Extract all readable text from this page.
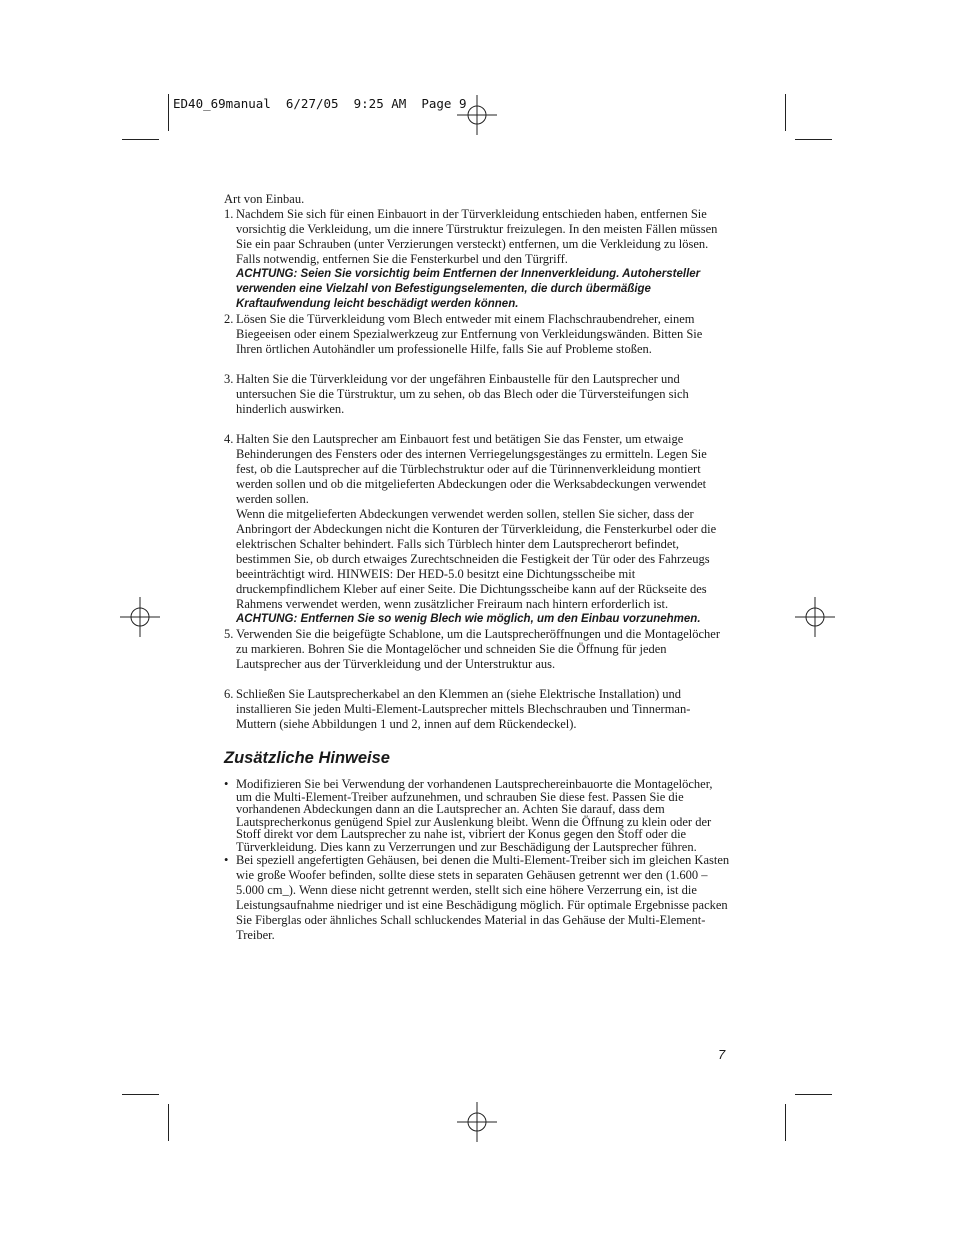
ED40_69manual  6/27/05  9:25 AM  Page 9

Art von Einbau.

1. Nachdem Sie sich für einen Einbauort in der Türverkleidung entschieden haben, entfernen Sie vorsichtig die Verkleidung, um die innere Türstruktur freizulegen. In den meisten Fällen müssen Sie ein paar Schrauben (unter Verzierungen versteckt) entfernen, um die Verkleidung zu lösen. Falls notwendig, entfernen Sie die Fensterkurbel und den Türgriff.

ACHTUNG: Seien Sie vorsichtig beim Entfernen der Innenverkleidung. Autohersteller verwenden eine Vielzahl von Befestigungselementen, die durch übermäßige Kraftaufwendung leicht beschädigt werden können.

2. Lösen Sie die Türverkleidung vom Blech entweder mit einem Flachschraubendreher, einem Biegeeisen oder einem Spezialwerkzeug zur Entfernung von Verkleidungswänden. Bitten Sie Ihren örtlichen Autohändler um professionelle Hilfe, falls Sie auf Probleme stoßen.

3. Halten Sie die Türverkleidung vor der ungefähren Einbaustelle für den Lautsprecher und untersuchen Sie die Türstruktur, um zu sehen, ob das Blech oder die Türversteifungen sich hinderlich auswirken.

4. Halten Sie den Lautsprecher am Einbauort fest und betätigen Sie das Fenster, um etwaige Behinderungen des Fensters oder des internen Verriegelungsgestänges zu ermitteln. Legen Sie fest, ob die Lautsprecher auf die Türblechstruktur oder auf die Türinnenverkleidung montiert werden sollen und ob die mitgelieferten Abdeckungen oder die Werksabdeckungen verwendet werden sollen.

Wenn die mitgelieferten Abdeckungen verwendet werden sollen, stellen Sie sicher, dass der Anbringort der Abdeckungen nicht die Konturen der Türverkleidung, die Fensterkurbel oder die elektrischen Schalter behindert. Falls sich Türblech hinter dem Lautsprecherort befindet, bestimmen Sie, ob durch etwaiges Zurechtschneiden die Festigkeit der Tür oder des Fahrzeugs beeinträchtigt wird. HINWEIS: Der HED-5.0 besitzt eine Dichtungsscheibe mit druckempfindlichem Kleber auf einer Seite. Die Dichtungsscheibe kann auf der Rückseite des Rahmens verwendet werden, wenn zusätzlicher Freiraum nach hintern erforderlich ist.

ACHTUNG: Entfernen Sie so wenig Blech wie möglich, um den Einbau vorzunehmen.

5. Verwenden Sie die beigefügte Schablone, um die Lautsprecheröffnungen und die Montagelöcher zu markieren. Bohren Sie die Montagelöcher und schneiden Sie die Öffnung für jeden Lautsprecher aus der Türverkleidung und der Unterstruktur aus.

6. Schließen Sie Lautsprecherkabel an den Klemmen an (siehe Elektrische Installation) und installieren Sie jeden Multi-Element-Lautsprecher mittels Blechschrauben und Tinnerman-Muttern (siehe Abbildungen 1 und 2, innen auf dem Rückendeckel).

Zusätzliche Hinweise
• Modifizieren Sie bei Verwendung der vorhandenen Lautsprechereinbauorte die Montagelöcher, um die Multi-Element-Treiber aufzunehmen, und schrauben Sie diese fest. Passen Sie die vorhandenen Abdeckungen dann an die Lautsprecher an. Achten Sie darauf, dass dem Lautsprecherkonus genügend Spiel zur Auslenkung bleibt. Wenn die Öffnung zu klein oder der Stoff direkt vor dem Lautsprecher zu nahe ist, vibriert der Konus gegen den Stoff oder die Türverkleidung. Dies kann zu Verzerrungen und zur Beschädigung der Lautsprecher führen.

• Bei speziell angefertigten Gehäusen, bei denen die Multi-Element-Treiber sich im gleichen Kasten wie große Woofer befinden, sollte diese stets in separaten Gehäusen getrennt wer den (1.600 – 5.000 cm_). Wenn diese nicht getrennt werden, stellt sich eine höhere Verzerrung ein, ist die Leistungsaufnahme niedriger und ist eine Beschädigung möglich. Für optimale Ergebnisse packen Sie Fiberglas oder ähnliches Schall schluckendes Material in das Gehäuse der Multi-Element-Treiber.

7
